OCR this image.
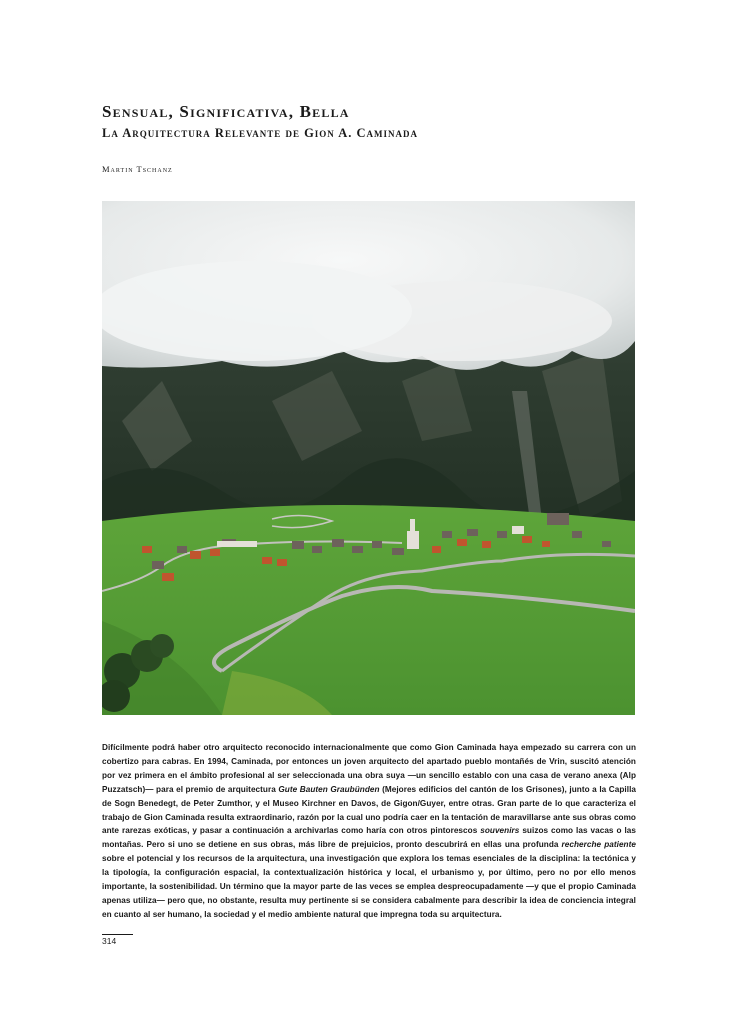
Sensual, Significativa, Bella
La Arquitectura Relevante de Gion A. Caminada
Martin Tschanz

Difícilmente podrá haber otro arquitecto reconocido internacionalmente que como Gion Caminada haya empezado su carrera con un cobertizo para cabras. En 1994, Caminada, por entonces un joven arquitecto del apartado pueblo montañés de Vrin, suscitó atención por vez primera en el ámbito profesional al ser seleccionada una obra suya —un sencillo establo con una casa de verano anexa (Alp Puzzatsch)— para el premio de arquitectura Gute Bauten Graubünden (Mejores edificios del cantón de los Grisones), junto a la Capilla de Sogn Benedegt, de Peter Zumthor, y el Museo Kirchner en Davos, de Gigon/Guyer, entre otras. Gran parte de lo que caracteriza el trabajo de Gion Caminada resulta extraordinario, razón por la cual uno podría caer en la tentación de maravillarse ante sus obras como ante rarezas exóticas, y pasar a continuación a archivarlas como haría con otros pintorescos souvenirs suizos como las vacas o las montañas. Pero si uno se detiene en sus obras, más libre de prejuicios, pronto descubrirá en ellas una profunda recherche patiente sobre el potencial y los recursos de la arquitectura, una investigación que explora los temas esenciales de la disciplina: la tectónica y la tipología, la configuración espacial, la contextualización histórica y local, el urbanismo y, por último, pero no por ello menos importante, la sostenibilidad. Un término que la mayor parte de las veces se emplea despreocupadamente —y que el propio Caminada apenas utiliza— pero que, no obstante, resulta muy pertinente si se considera cabalmente para describir la idea de conciencia integral en cuanto al ser humano, la sociedad y el medio ambiente natural que impregna toda su arquitectura.

314
